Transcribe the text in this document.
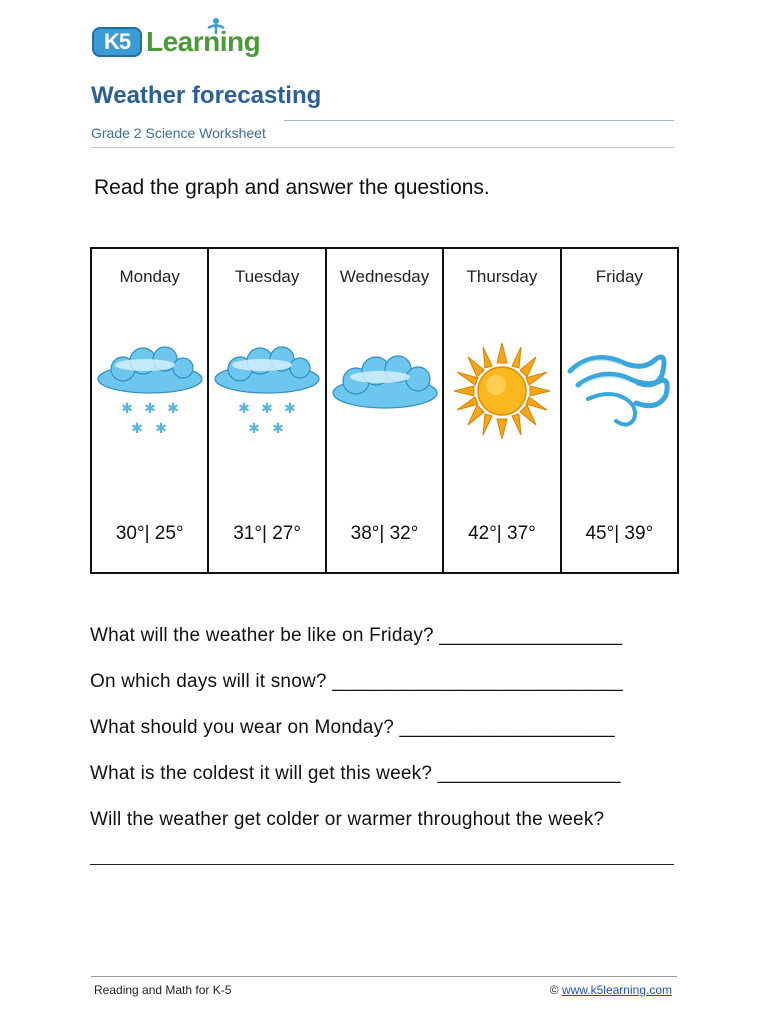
K5 Learning
Weather forecasting
Grade 2 Science Worksheet
Read the graph and answer the questions.
Monday
✱ ✱ ✱
✱ ✱
30°| 25°
Tuesday
✱ ✱ ✱
✱ ✱
31°| 27°
Wednesday
38°| 32°
Thursday
42°| 37°
Friday
45°| 39°
What will the weather be like on Friday? _________________
On which days will it snow? ___________________________
What should you wear on Monday? ____________________
What is the coldest it will get this week? _________________
Will the weather get colder or warmer throughout the week?
Reading and Math for K-5	© www.k5learning.com
